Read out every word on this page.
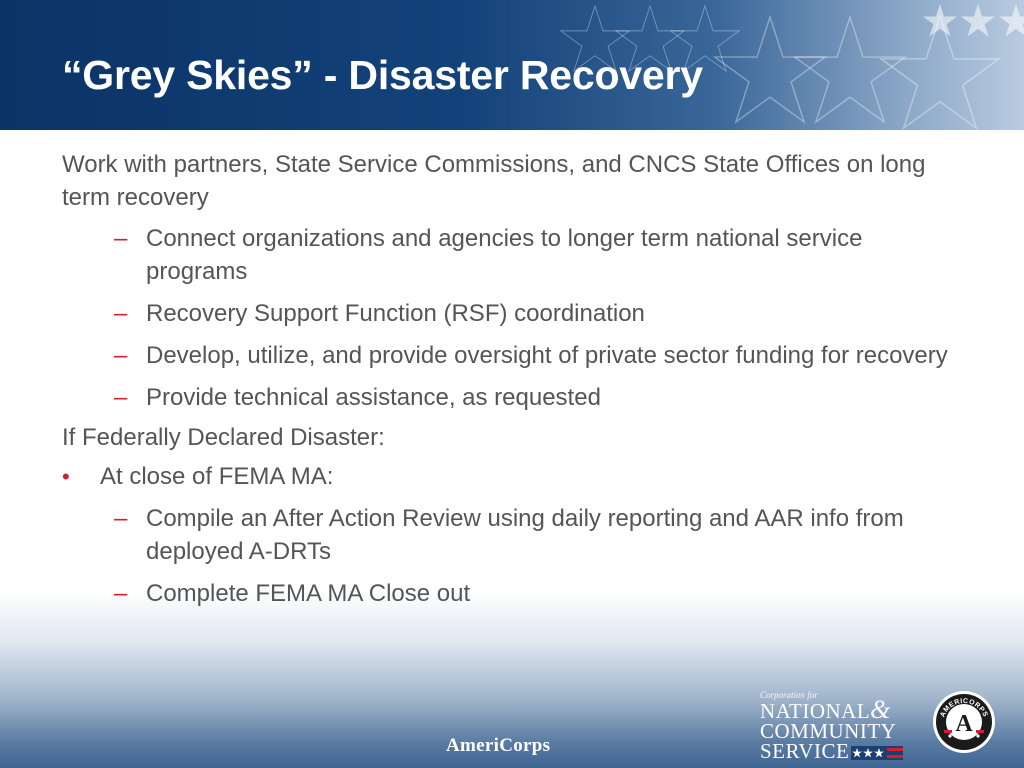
“Grey Skies” - Disaster Recovery

Work with partners, State Service Commissions, and CNCS State Offices on long term recovery

– Connect organizations and agencies to longer term national service programs

– Recovery Support Function (RSF) coordination

– Develop, utilize, and provide oversight of private sector funding for recovery

– Provide technical assistance, as requested

If Federally Declared Disaster:

• At close of FEMA MA:

– Compile an After Action Review using daily reporting and AAR info from deployed A-DRTs

– Complete FEMA MA Close out

AmeriCorps
Corporation for
NATIONAL&
COMMUNITY
SERVICE
AMERICORPS
A
